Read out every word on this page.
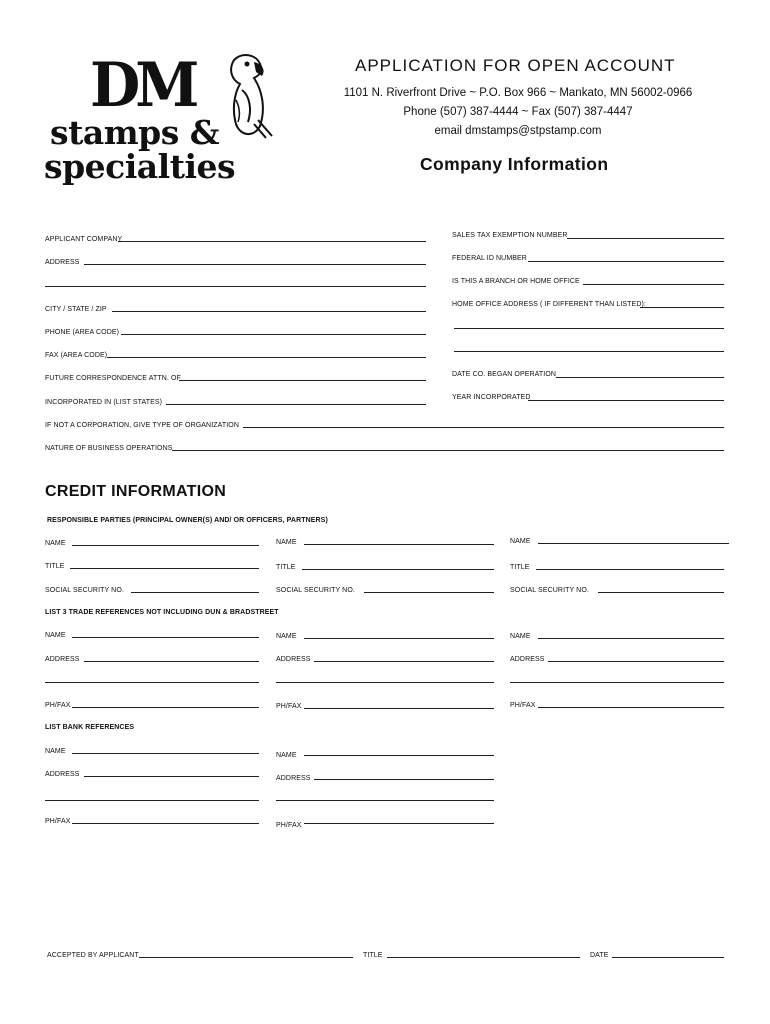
DM
stamps &
specialties
APPLICATION FOR OPEN ACCOUNT
1101 N. Riverfront Drive ~ P.O. Box 966 ~ Mankato, MN 56002-0966
Phone (507) 387-4444 ~ Fax (507) 387-4447
email dmstamps@stpstamp.com
Company Information
APPLICANT COMPANY
ADDRESS
CITY / STATE / ZIP
PHONE (AREA CODE)
FAX (AREA CODE)
FUTURE CORRESPONDENCE ATTN. OF
INCORPORATED IN (LIST STATES)
SALES TAX EXEMPTION NUMBER
FEDERAL ID NUMBER
IS THIS A BRANCH OR HOME OFFICE
HOME OFFICE ADDRESS ( IF DIFFERENT THAN LISTED):
DATE CO. BEGAN OPERATION
YEAR INCORPORATED
IF NOT A CORPORATION, GIVE TYPE OF ORGANIZATION
NATURE OF BUSINESS OPERATIONS
CREDIT INFORMATION
RESPONSIBLE PARTIES (PRINCIPAL OWNER(S) AND/ OR OFFICERS, PARTNERS)
NAME
TITLE
SOCIAL SECURITY NO.
NAME
TITLE
SOCIAL SECURITY NO.
NAME
TITLE
SOCIAL SECURITY NO.
LIST 3 TRADE REFERENCES NOT INCLUDING DUN & BRADSTREET
NAME
ADDRESS
PH/FAX
NAME
ADDRESS
PH/FAX
NAME
ADDRESS
PH/FAX
LIST BANK REFERENCES
NAME
ADDRESS
PH/FAX
NAME
ADDRESS
PH/FAX
ACCEPTED BY APPLICANT	TITLE	DATE
